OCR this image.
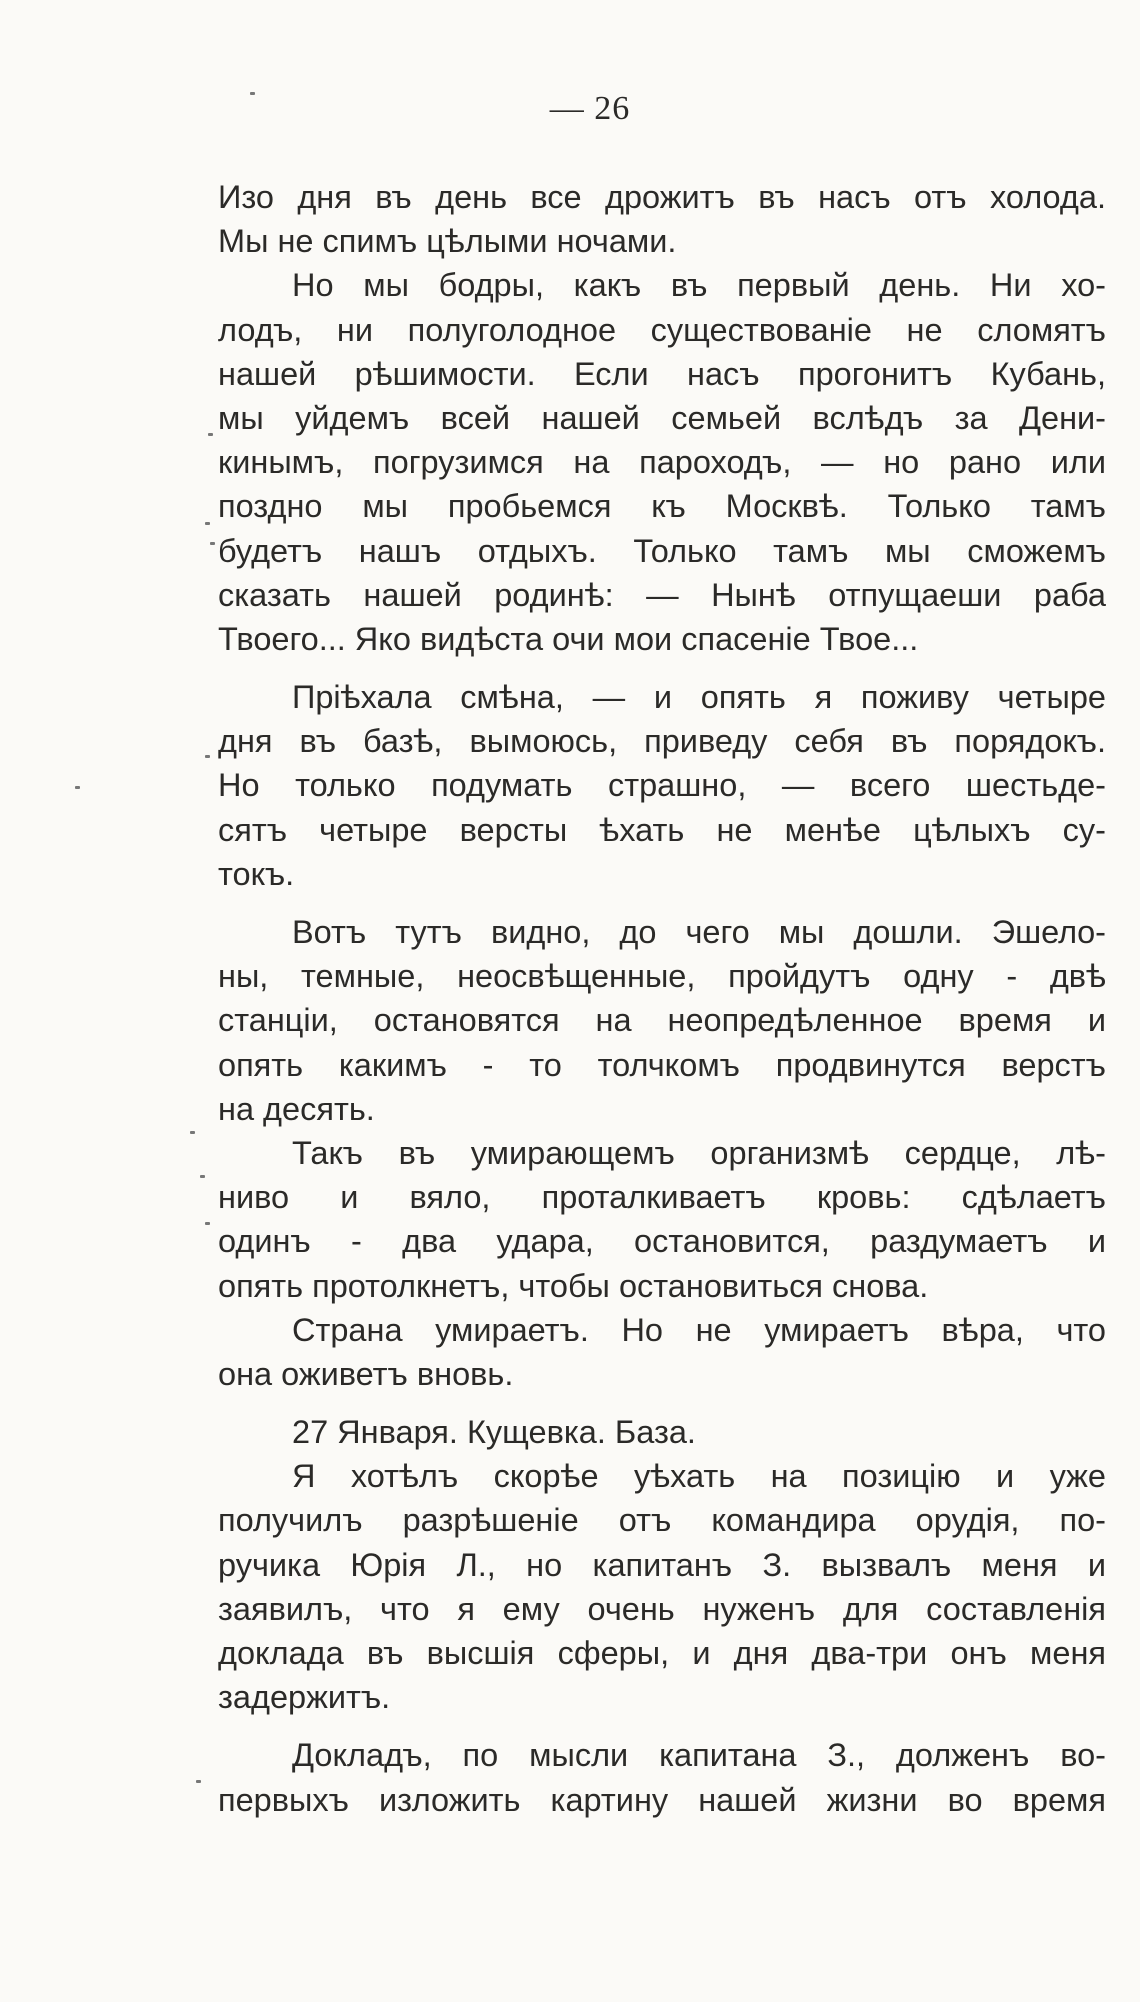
— 26
Изо дня въ день все дрожитъ въ насъ отъ холода.
Мы не спимъ цѣлыми ночами.
Но мы бодры, какъ въ первый день. Ни хо-
лодъ, ни полуголодное существованіе не сломятъ
нашей рѣшимости. Если насъ прогонитъ Кубань,
мы уйдемъ всей нашей семьей вслѣдъ за Дени-
кинымъ, погрузимся на пароходъ, — но рано или
поздно мы пробьемся къ Москвѣ. Только тамъ
будетъ нашъ отдыхъ. Только тамъ мы сможемъ
сказать нашей родинѣ: — Нынѣ отпущаеши раба
Твоего... Яко видѣста очи мои спасеніе Твое...
Пріѣхала смѣна, — и опять я поживу четыре
дня въ базѣ, вымоюсь, приведу себя въ порядокъ.
Но только подумать страшно, — всего шестьде-
сятъ четыре версты ѣхать не менѣе цѣлыхъ су-
токъ.
Вотъ тутъ видно, до чего мы дошли. Эшелo-
ны, темные, неосвѣщенные, пройдутъ одну - двѣ
станціи, остановятся на неопредѣленное время и
опять какимъ - то толчкомъ продвинутся верстъ
на десять.
Такъ въ умирающемъ организмѣ сердце, лѣ-
ниво и вяло, проталкиваетъ кровь: сдѣлаетъ
одинъ - два удара, остановится, раздумаетъ и
опять протолкнетъ, чтобы остановиться снова.
Страна умираетъ. Но не умираетъ вѣра, что
она оживетъ вновь.
27 Января. Кущевка. База.
Я хотѣлъ скорѣе уѣхать на позицію и уже
получилъ разрѣшеніе отъ командира орудія, по-
ручика Юрія Л., но капитанъ З. вызвалъ меня и
заявилъ, что я ему очень нуженъ для составленія
доклада въ высшія сферы, и дня два-три онъ меня
задержитъ.
Докладъ, по мысли капитана З., долженъ во-
первыхъ изложить картину нашей жизни во время
